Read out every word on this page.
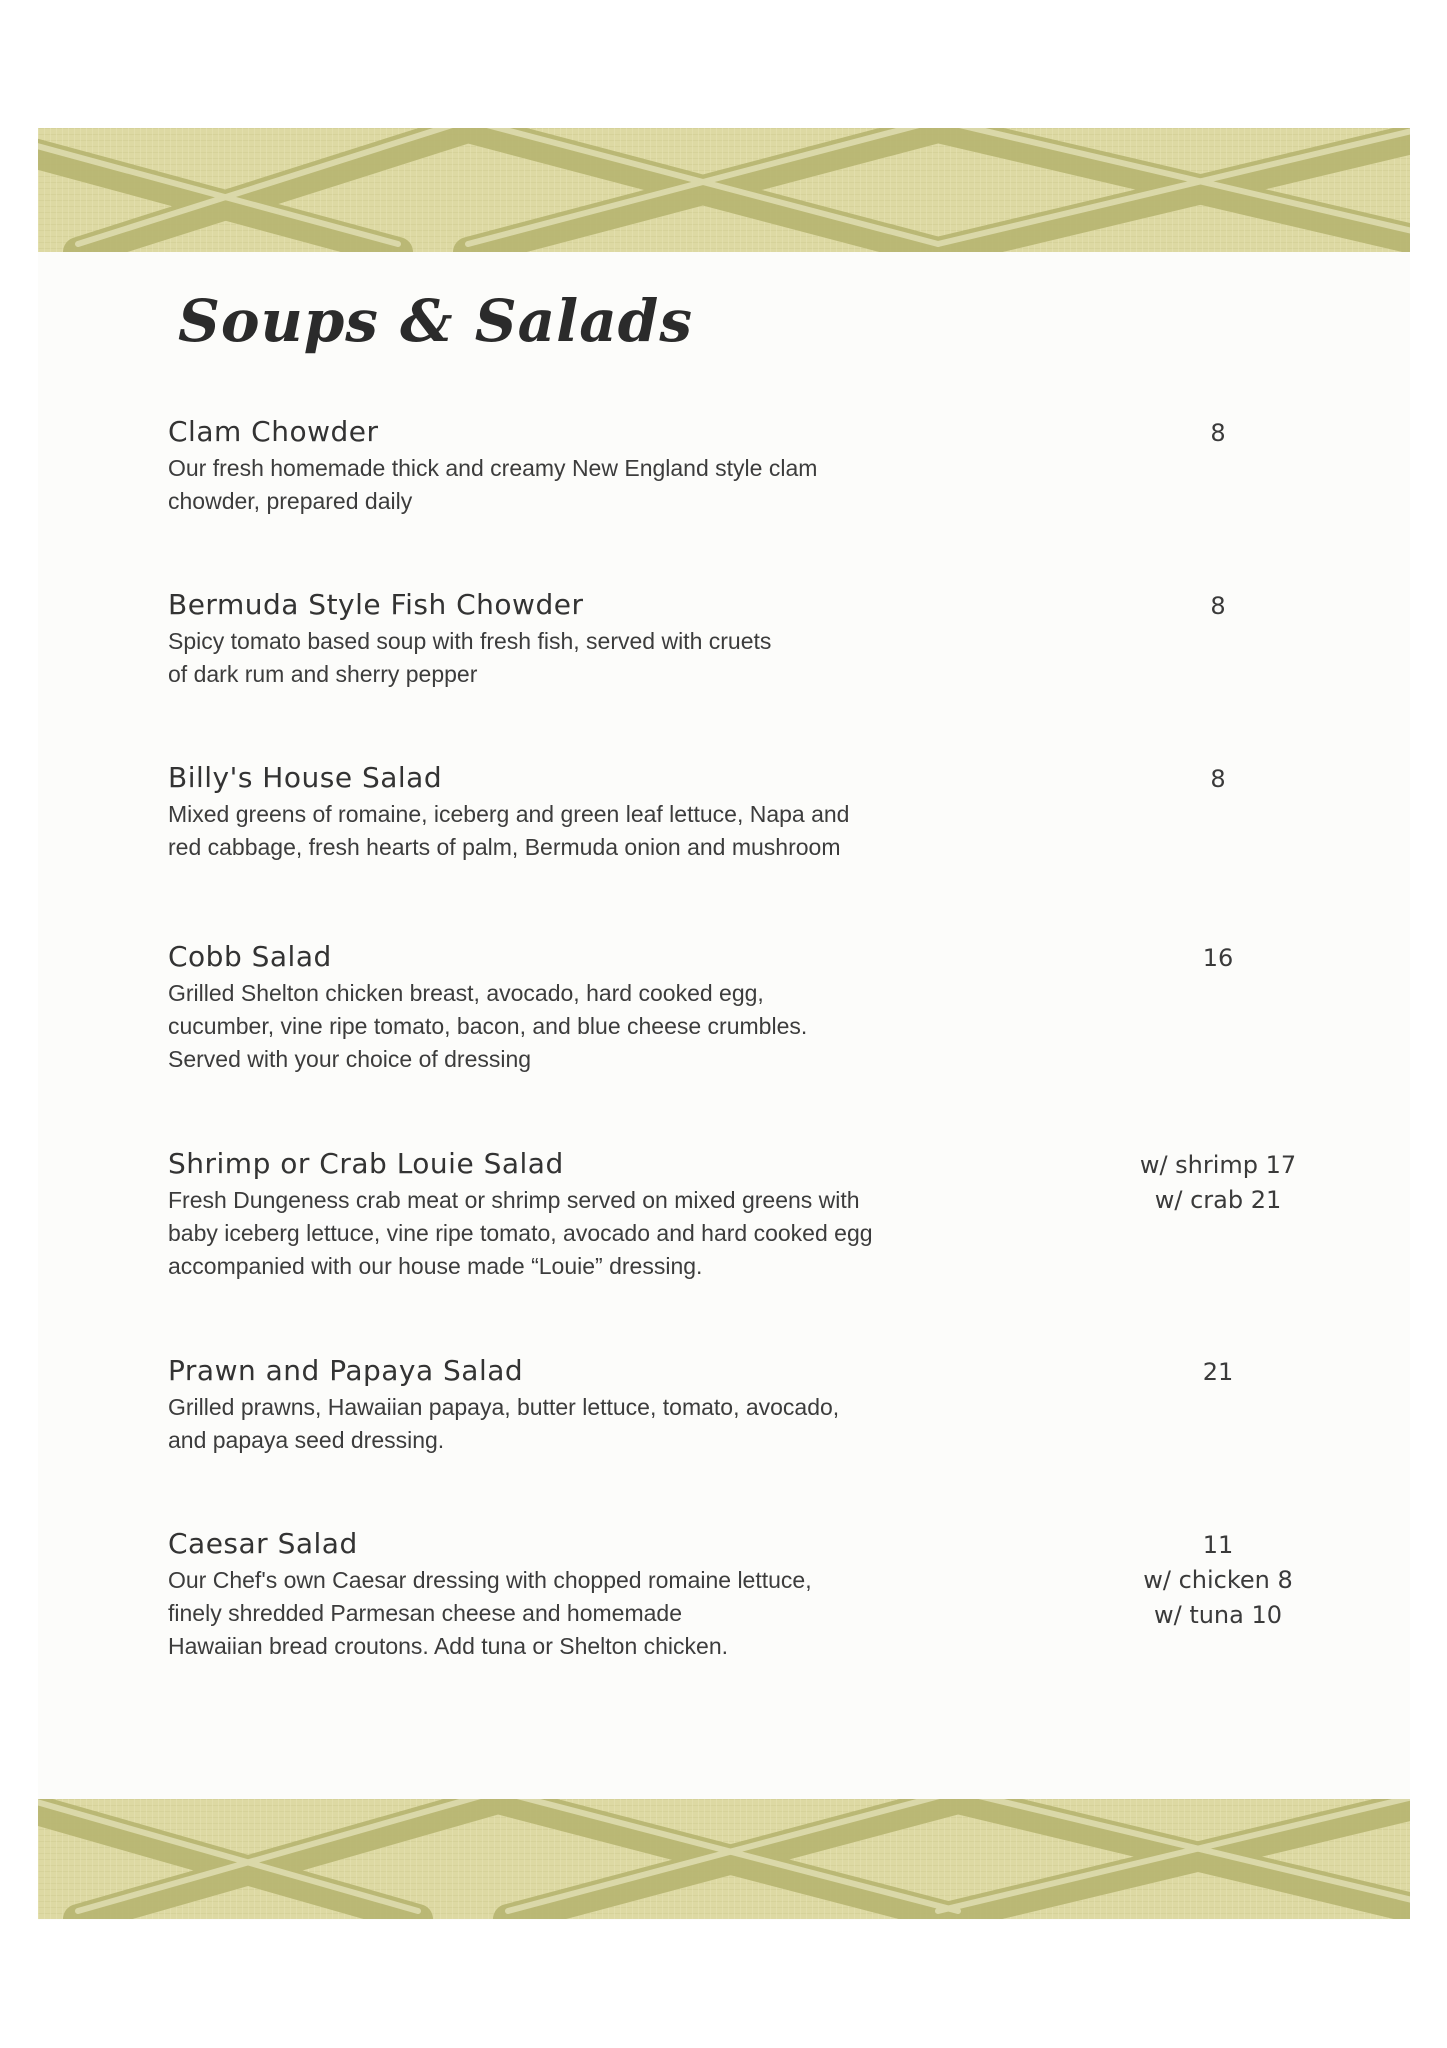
Soups & Salads
Clam Chowder
Our fresh homemade thick and creamy New England style clam
chowder, prepared daily
8
Bermuda Style Fish Chowder
Spicy tomato based soup with fresh fish, served with cruets
of dark rum and sherry pepper
8
Billy's House Salad
Mixed greens of romaine, iceberg and green leaf lettuce, Napa and
red cabbage, fresh hearts of palm, Bermuda onion and mushroom
8
Cobb Salad
Grilled Shelton chicken breast, avocado, hard cooked egg,
cucumber, vine ripe tomato, bacon, and blue cheese crumbles.
Served with your choice of dressing
16
Shrimp or Crab Louie Salad
Fresh Dungeness crab meat or shrimp served on mixed greens with
baby iceberg lettuce, vine ripe tomato, avocado and hard cooked egg
accompanied with our house made “Louie” dressing.
w/ shrimp 17
w/ crab 21
Prawn and Papaya Salad
Grilled prawns, Hawaiian papaya, butter lettuce, tomato, avocado,
and papaya seed dressing.
21
Caesar Salad
Our Chef's own Caesar dressing with chopped romaine lettuce,
finely shredded Parmesan cheese and homemade
Hawaiian bread croutons. Add tuna or Shelton chicken.
11
w/ chicken 8
w/ tuna 10
